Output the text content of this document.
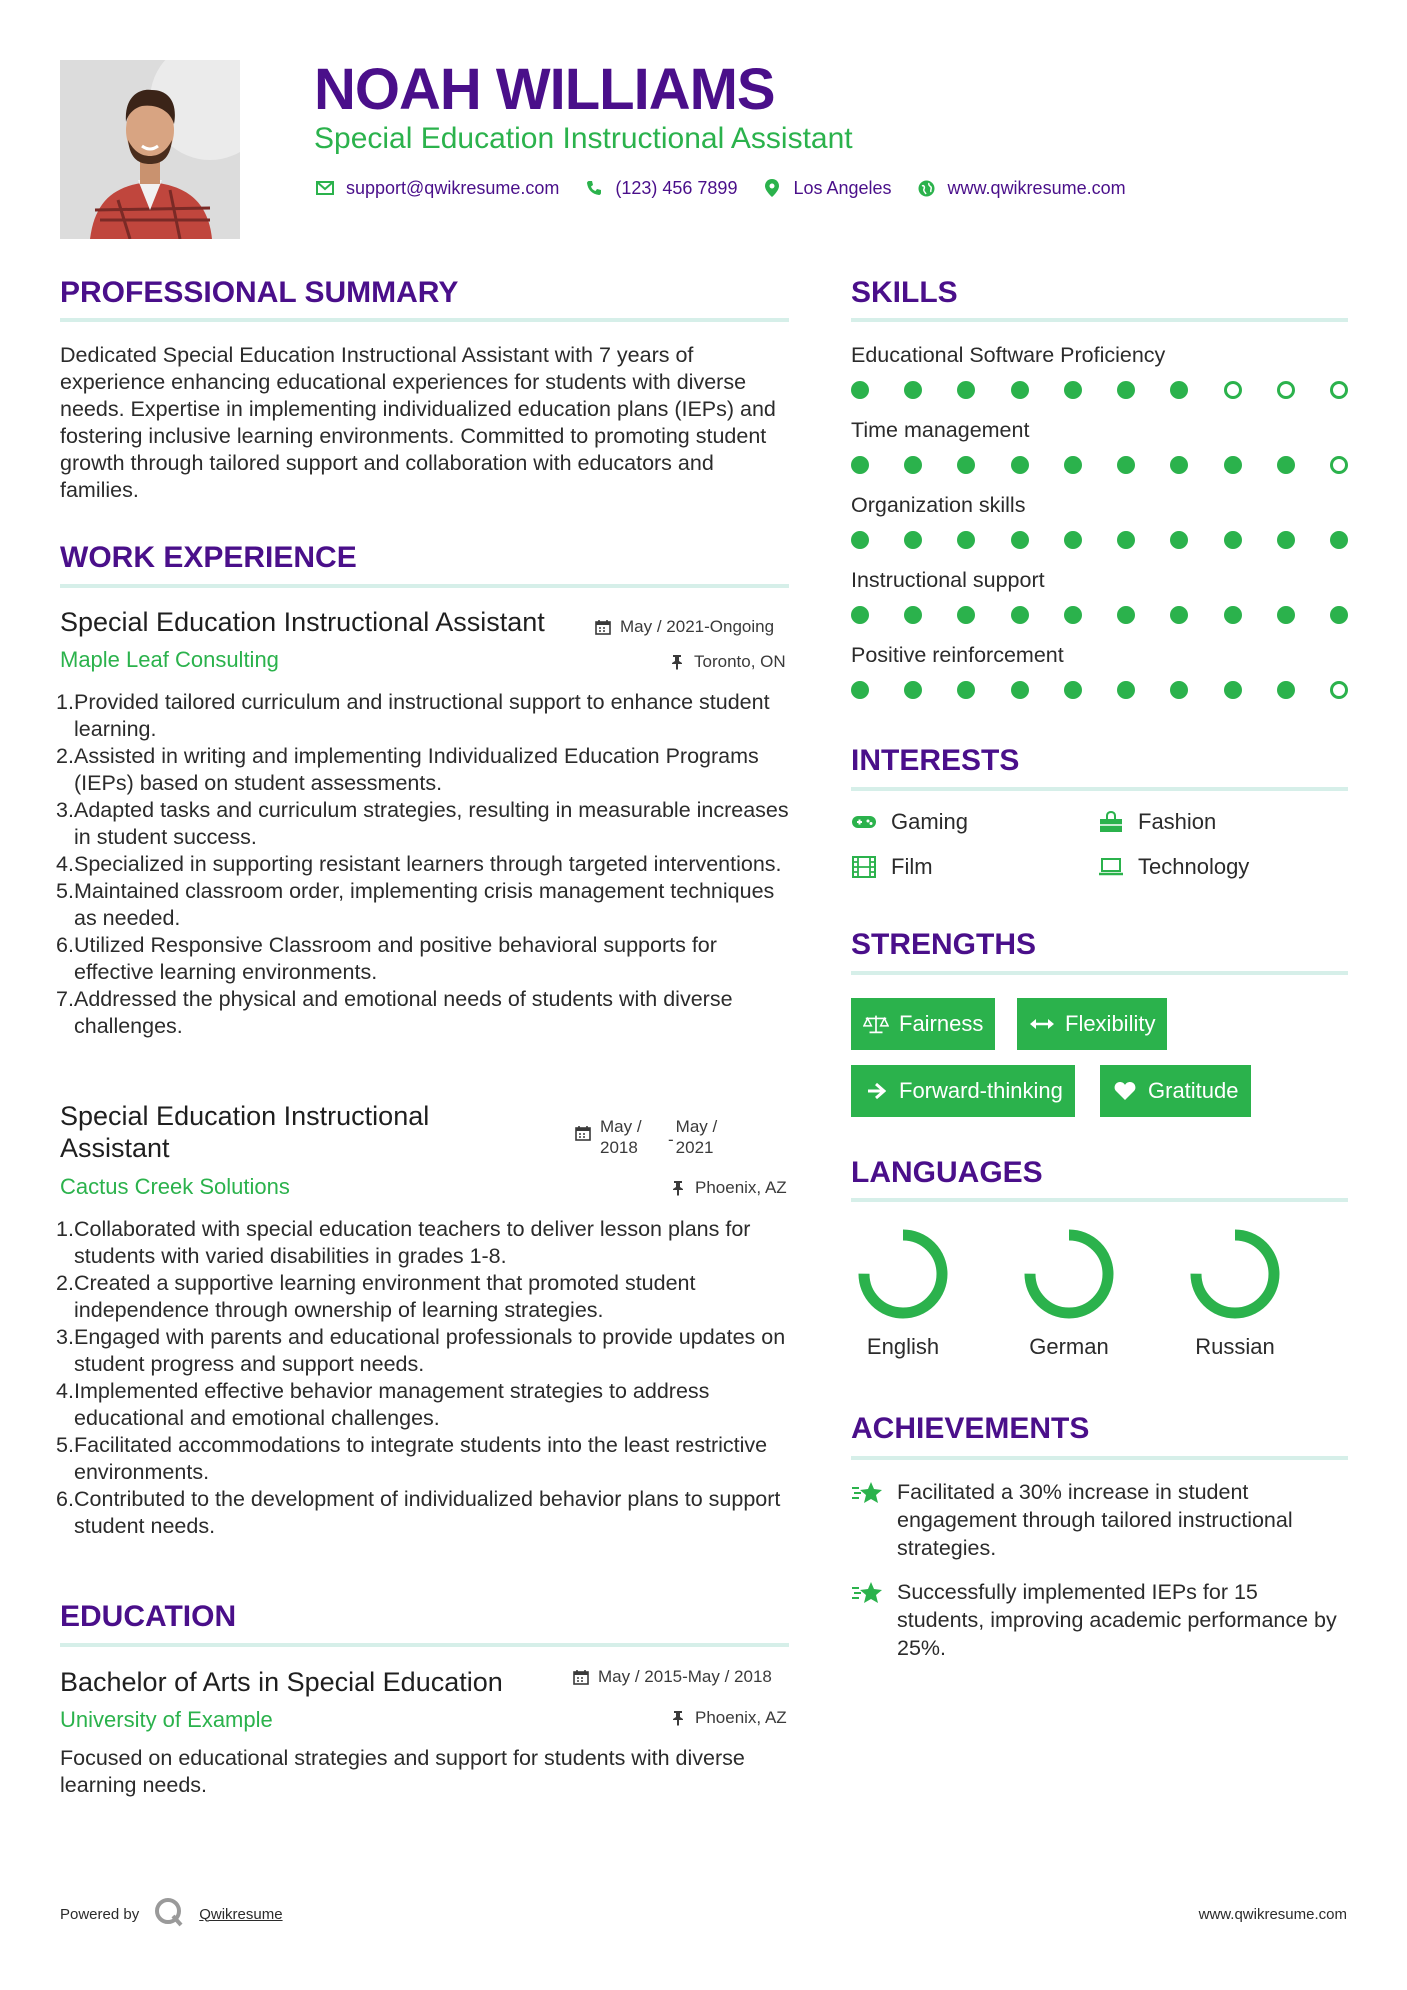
NOAH WILLIAMS
Special Education Instructional Assistant
support@qwikresume.com	(123) 456 7899	Los Angeles	www.qwikresume.com
PROFESSIONAL SUMMARY
Dedicated Special Education Instructional Assistant with 7 years of experience enhancing educational experiences for students with diverse needs. Expertise in implementing individualized education plans (IEPs) and fostering inclusive learning environments. Committed to promoting student growth through tailored support and collaboration with educators and families.
WORK EXPERIENCE
Special Education Instructional Assistant	May / 2021-Ongoing
Maple Leaf Consulting	Toronto, ON
1. Provided tailored curriculum and instructional support to enhance student learning.
2. Assisted in writing and implementing Individualized Education Programs (IEPs) based on student assessments.
3. Adapted tasks and curriculum strategies, resulting in measurable increases in student success.
4. Specialized in supporting resistant learners through targeted interventions.
5. Maintained classroom order, implementing crisis management techniques as needed.
6. Utilized Responsive Classroom and positive behavioral supports for effective learning environments.
7. Addressed the physical and emotional needs of students with diverse challenges.
Special Education Instructional Assistant
May / 2018	-
May / 2021
Cactus Creek Solutions	Phoenix, AZ
1. Collaborated with special education teachers to deliver lesson plans for students with varied disabilities in grades 1-8.
2. Created a supportive learning environment that promoted student independence through ownership of learning strategies.
3. Engaged with parents and educational professionals to provide updates on student progress and support needs.
4. Implemented effective behavior management strategies to address educational and emotional challenges.
5. Facilitated accommodations to integrate students into the least restrictive environments.
6. Contributed to the development of individualized behavior plans to support student needs.
EDUCATION
Bachelor of Arts in Special Education	May / 2015-May / 2018
University of Example	Phoenix, AZ
Focused on educational strategies and support for students with diverse learning needs.
SKILLS
Educational Software Proficiency
Time management
Organization skills
Instructional support
Positive reinforcement
INTERESTS
Gaming	Fashion
Film	Technology
STRENGTHS
Fairness	Flexibility
Forward-thinking	Gratitude
LANGUAGES
English	German	Russian
ACHIEVEMENTS
Facilitated a 30% increase in student engagement through tailored instructional strategies.
Successfully implemented IEPs for 15 students, improving academic performance by 25%.
Powered by	Qwikresume	www.qwikresume.com
